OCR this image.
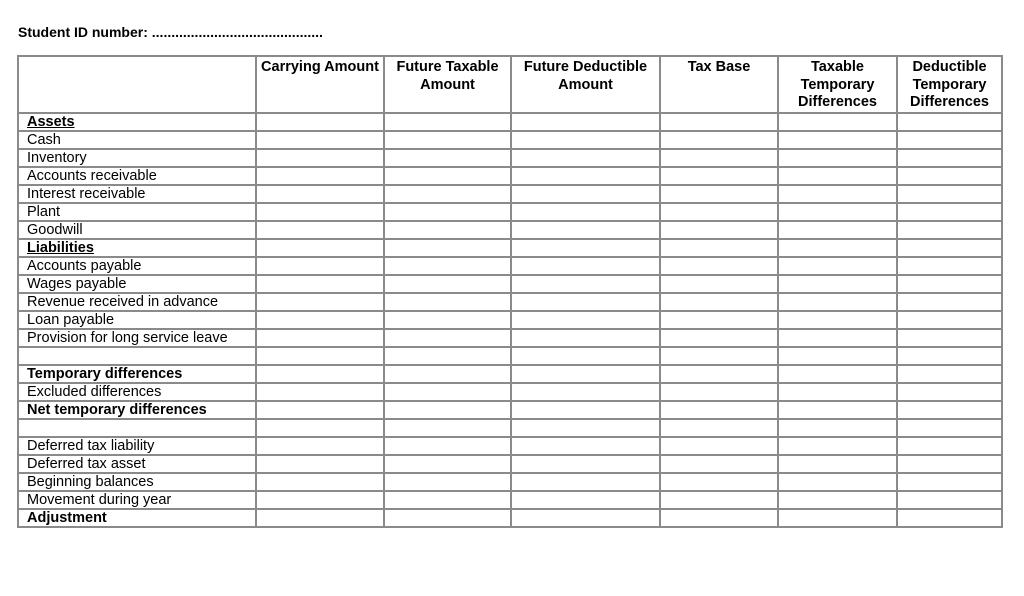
Student ID number: ............................................
	Carrying Amount	Future Taxable Amount	Future Deductible Amount	Tax Base	Taxable Temporary Differences	Deductible Temporary Differences
Assets						
Cash						
Inventory						
Accounts receivable						
Interest receivable						
Plant						
Goodwill						
Liabilities						
Accounts payable						
Wages payable						
Revenue received in advance						
Loan payable						
Provision for long service leave						

Temporary differences						
Excluded differences						
Net temporary differences						

Deferred tax liability						
Deferred tax asset						
Beginning balances						
Movement during year						
Adjustment						
